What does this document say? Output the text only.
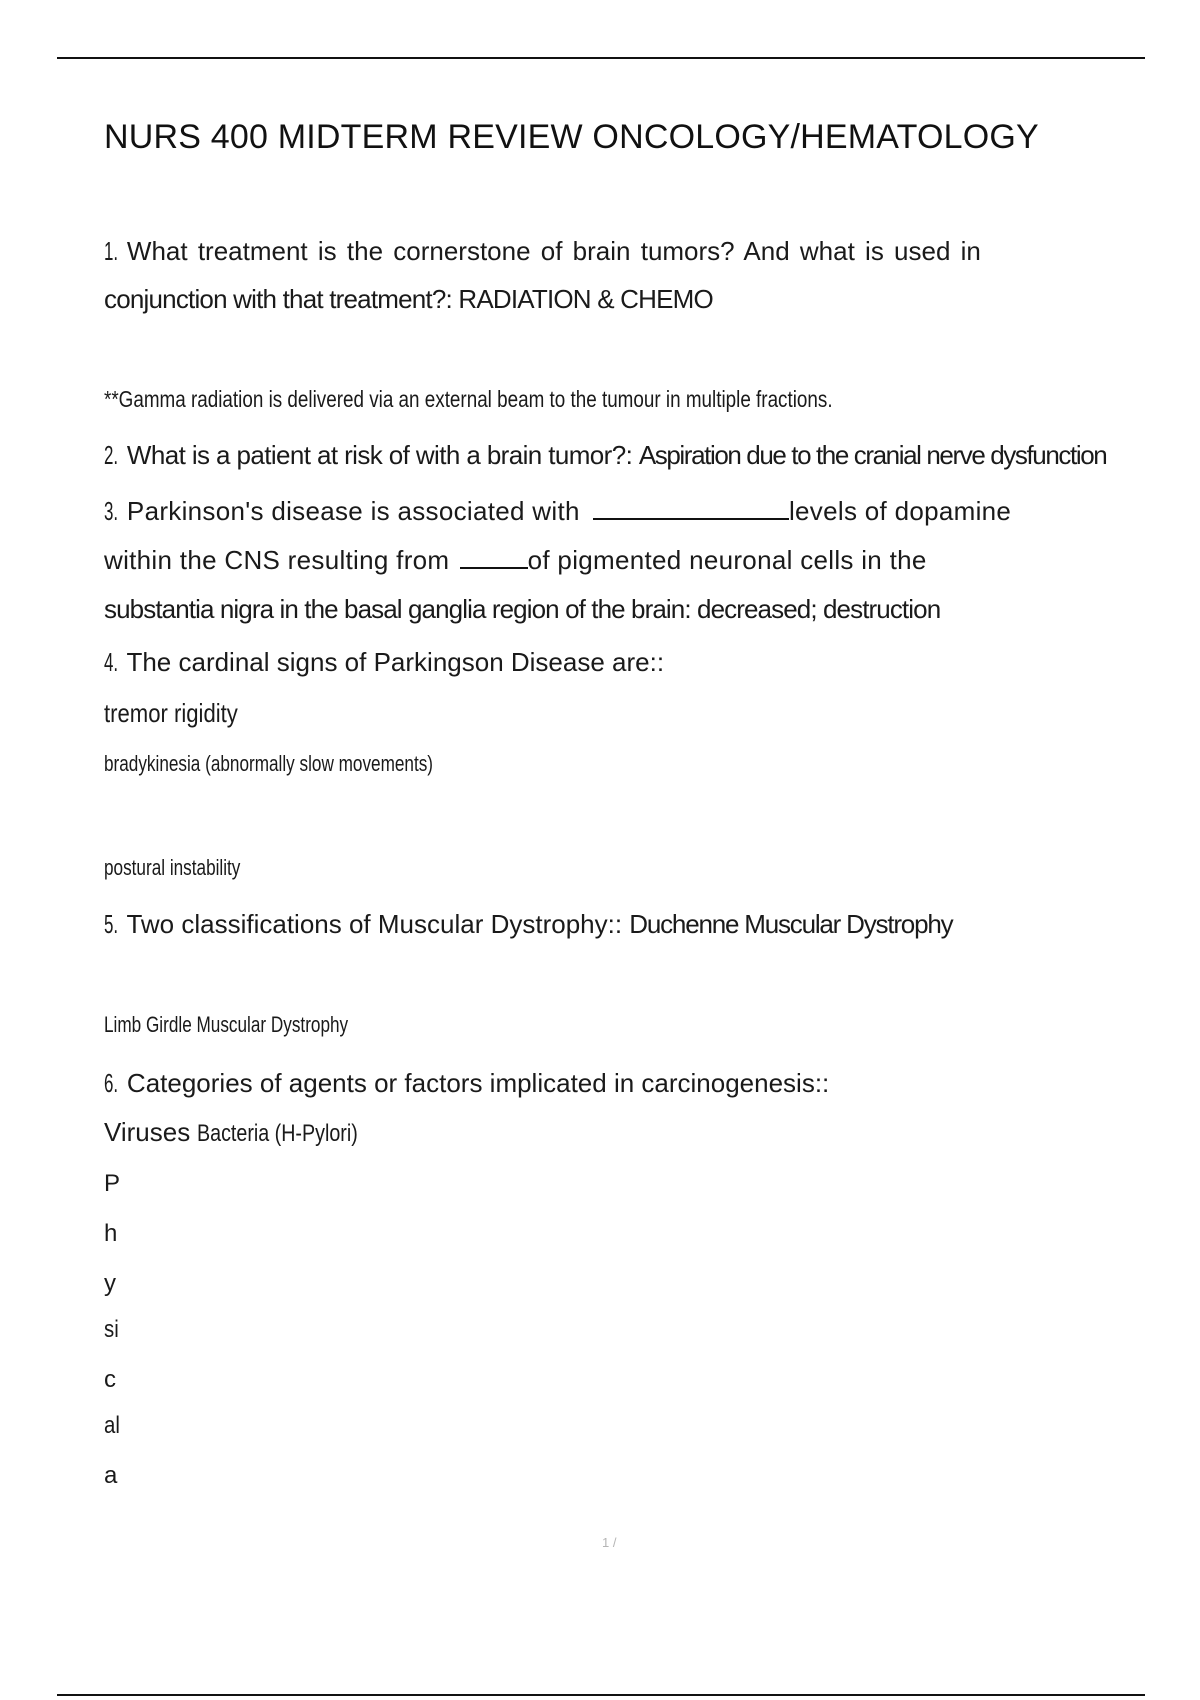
NURS 400 MIDTERM REVIEW ONCOLOGY/HEMATOLOGY
1. What treatment is the cornerstone of brain tumors? And what is used in
conjunction with that treatment?: RADIATION & CHEMO
**Gamma radiation is delivered via an external beam to the tumour in multiple fractions.
2. What is a patient at risk of with a brain tumor?: Aspiration due to the cranial nerve dysfunction
3. Parkinson's disease is associated with	levels of dopamine
within the CNS resulting from	of pigmented neuronal cells in the
substantia nigra in the basal ganglia region of the brain: decreased; destruction
4. The cardinal signs of Parkingson Disease are::
tremor rigidity
bradykinesia (abnormally slow movements)
postural instability
5. Two classifications of Muscular Dystrophy:: Duchenne Muscular Dystrophy
Limb Girdle Muscular Dystrophy
6. Categories of agents or factors implicated in carcinogenesis::
Viruses Bacteria (H-Pylori)
P
h
y
si
c
al
a
1 /
